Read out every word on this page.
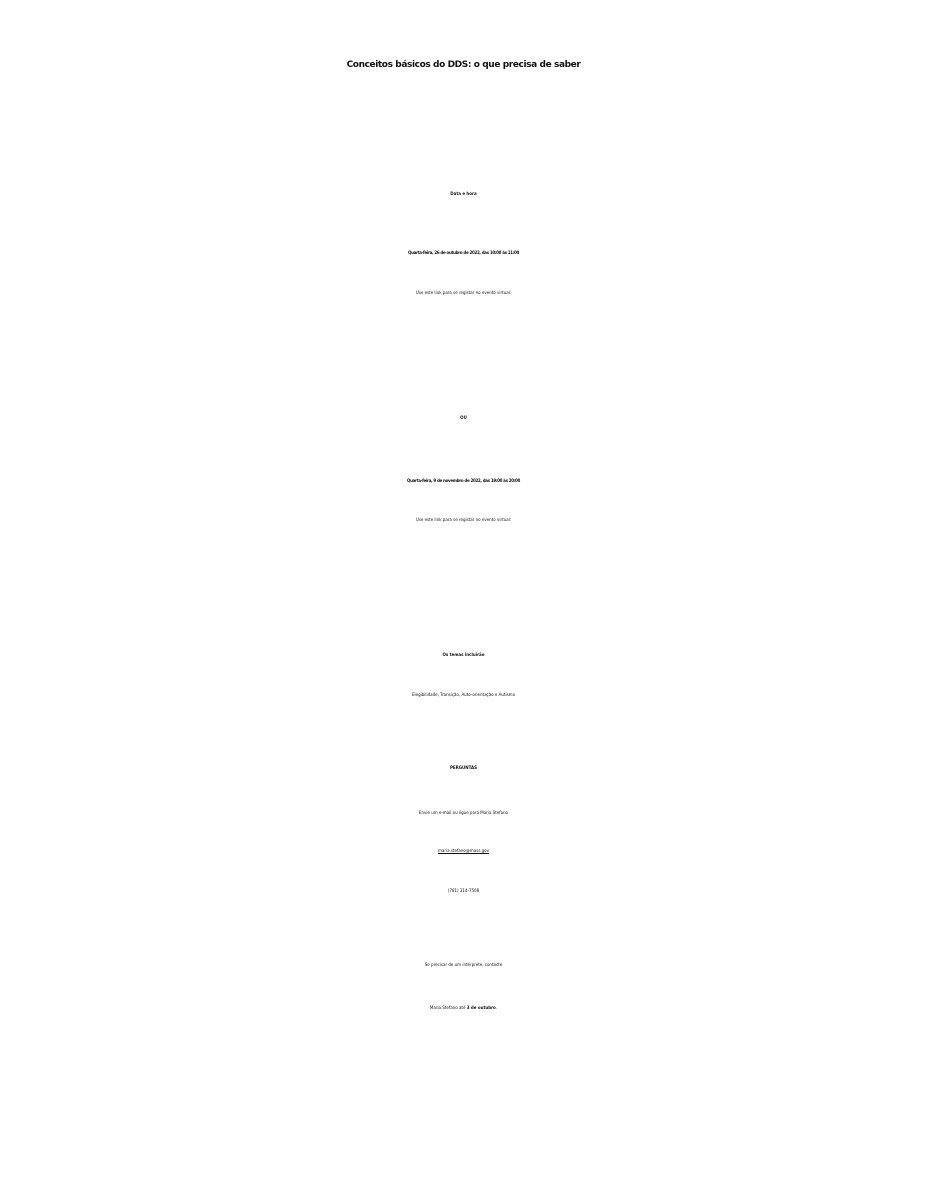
Conceitos básicos do DDS: o que precisa de saber
Data e hora
Quarta-feira, 26 de outubro de 2022, das 10:00 às 11:00
Use este link para se registar no evento virtual:
OU
Quarta-feira, 9 de novembro de 2022, das 19:00 às 20:00
Use este link para se registar no evento virtual:
Os temas incluirão
Elegibilidade, Transição, Auto-orientação e Autismo
PERGUNTAS
Envie um e-mail ou ligue para Maria Stefano
maria.stefano@mass.gov
(781) 314-7508
Se precisar de um intérprete, contacte
Maria Stefano até 3 de outubro.
